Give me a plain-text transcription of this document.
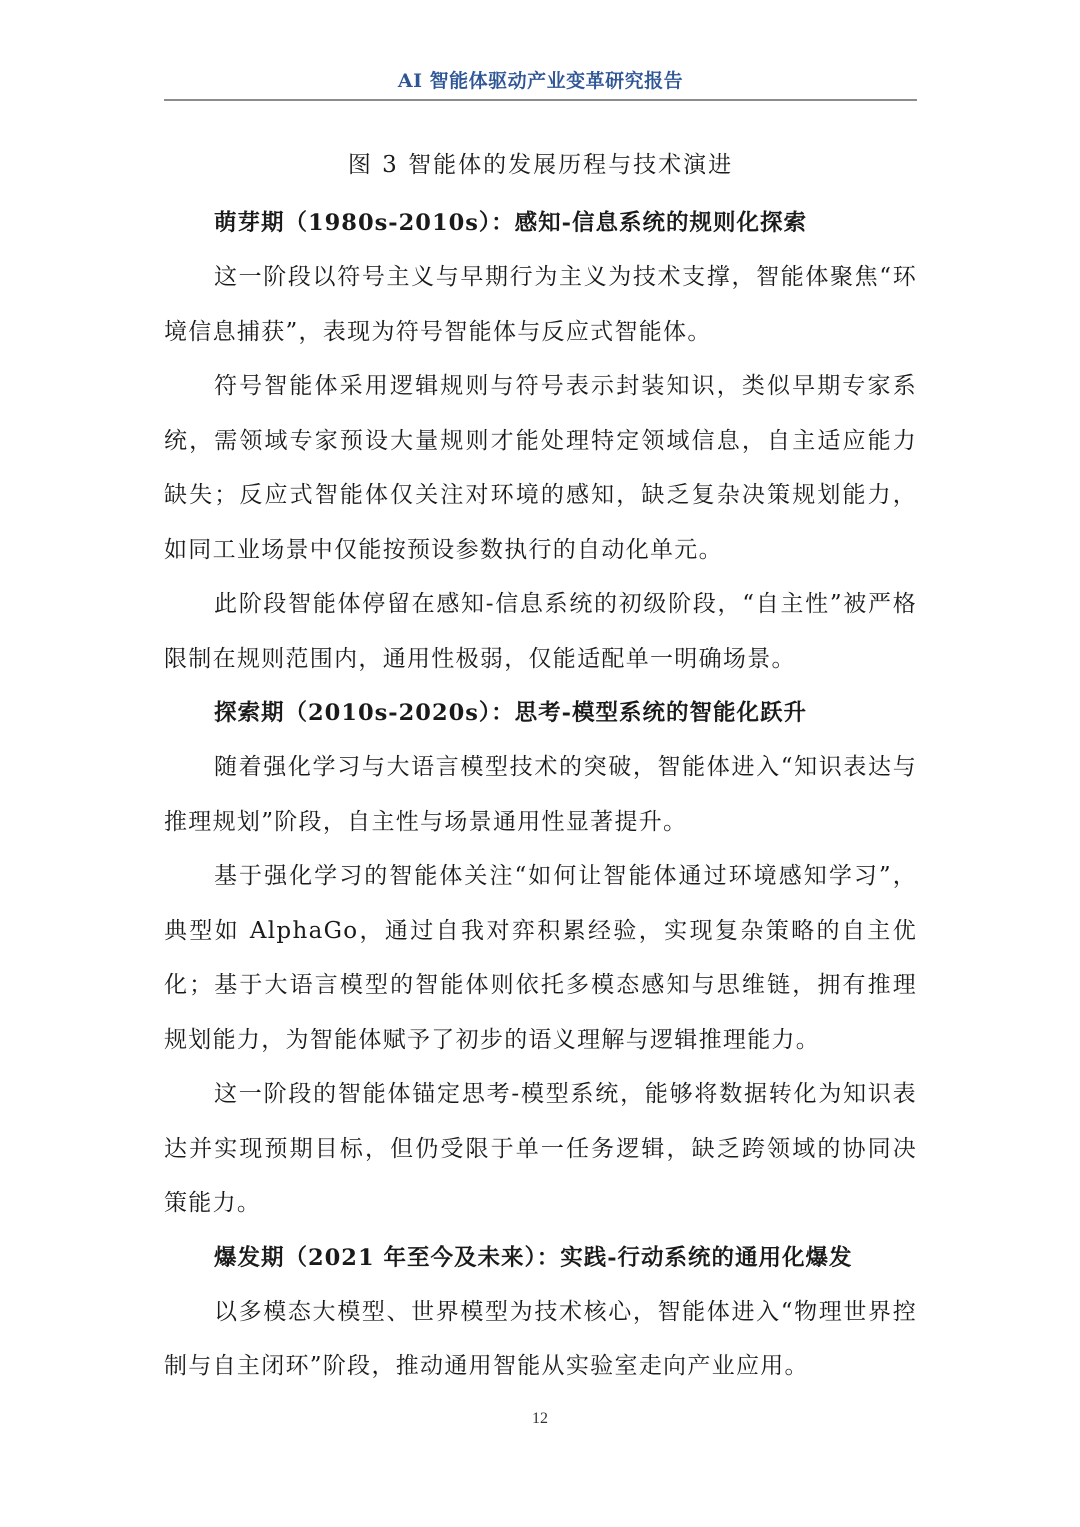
AI 智能体驱动产业变革研究报告
图 3 智能体的发展历程与技术演进
萌芽期（1980s-2010s）：感知-信息系统的规则化探索

这一阶段以符号主义与早期行为主义为技术支撑，智能体聚焦“环境信息捕获”，表现为符号智能体与反应式智能体。

符号智能体采用逻辑规则与符号表示封装知识，类似早期专家系统，需领域专家预设大量规则才能处理特定领域信息，自主适应能力缺失；反应式智能体仅关注对环境的感知，缺乏复杂决策规划能力，如同工业场景中仅能按预设参数执行的自动化单元。

此阶段智能体停留在感知-信息系统的初级阶段，“自主性”被严格限制在规则范围内，通用性极弱，仅能适配单一明确场景。

探索期（2010s-2020s）：思考-模型系统的智能化跃升

随着强化学习与大语言模型技术的突破，智能体进入“知识表达与推理规划”阶段，自主性与场景通用性显著提升。

基于强化学习的智能体关注“如何让智能体通过环境感知学习”，典型如 AlphaGo，通过自我对弈积累经验，实现复杂策略的自主优化；基于大语言模型的智能体则依托多模态感知与思维链，拥有推理规划能力，为智能体赋予了初步的语义理解与逻辑推理能力。

这一阶段的智能体锚定思考-模型系统，能够将数据转化为知识表达并实现预期目标，但仍受限于单一任务逻辑，缺乏跨领域的协同决策能力。

爆发期（2021 年至今及未来）：实践-行动系统的通用化爆发

以多模态大模型、世界模型为技术核心，智能体进入“物理世界控制与自主闭环”阶段，推动通用智能从实验室走向产业应用。

12
